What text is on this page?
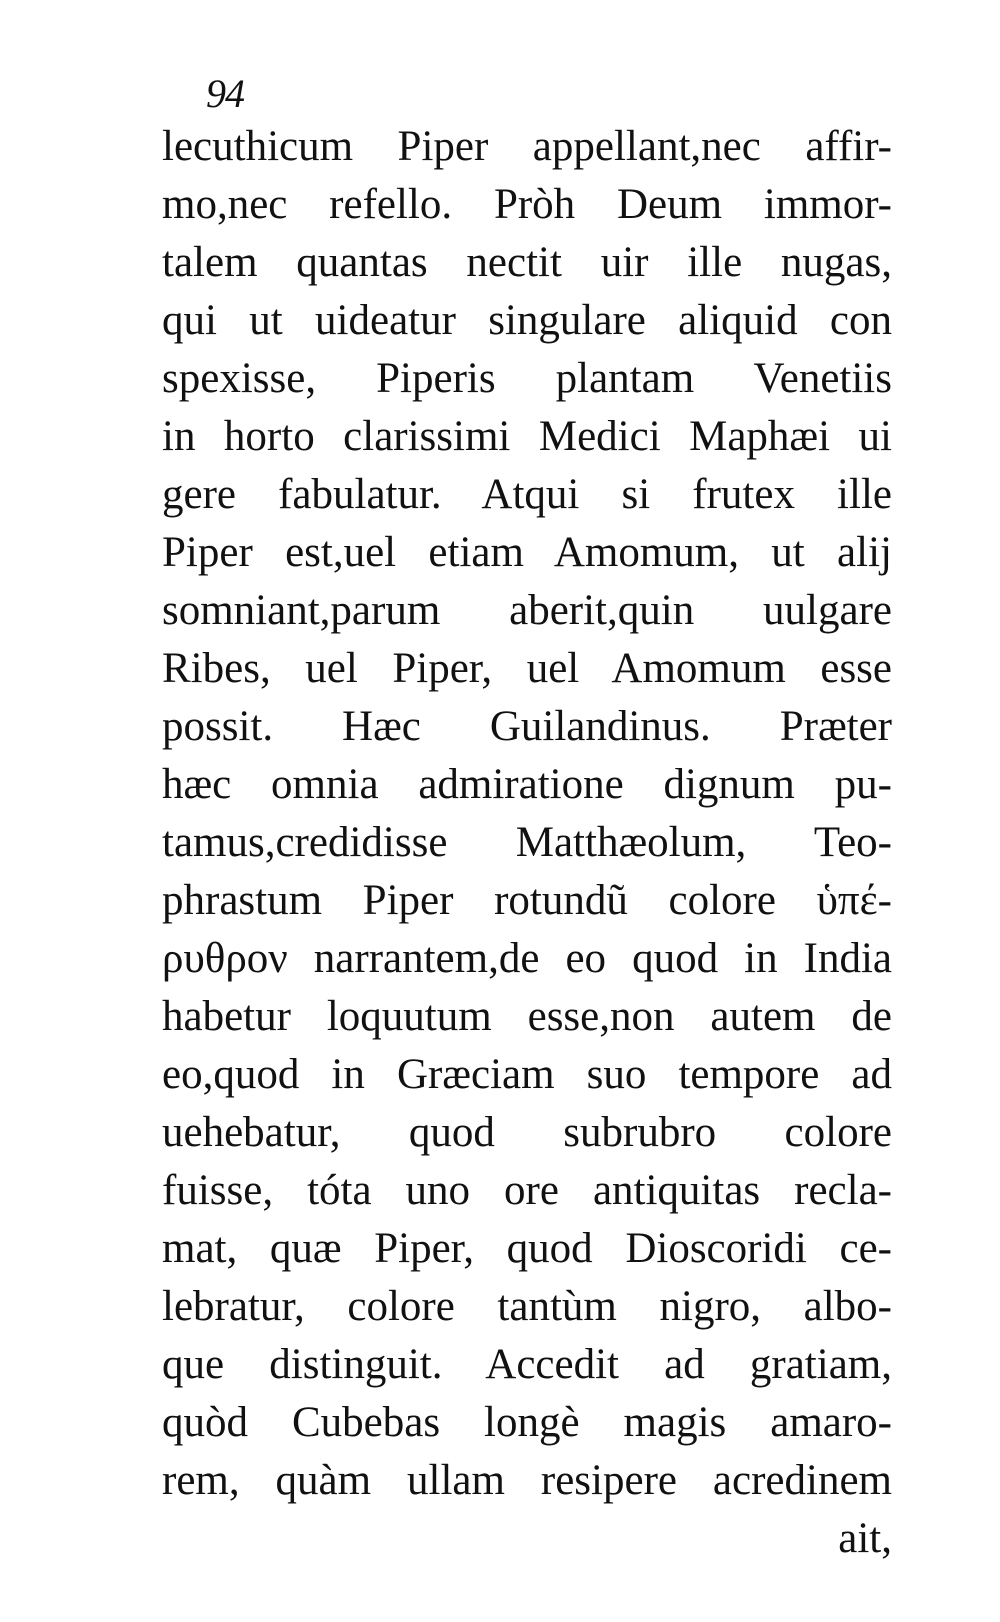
94
lecuthicum Piper appellant,nec affir-
mo,nec refello. Pròh Deum immor-
talem quantas nectit uir ille nugas,
qui ut uideatur singulare aliquid con
spexisse, Piperis plantam Venetiis
in horto clarissimi Medici Maphæi ui
gere fabulatur. Atqui si frutex ille
Piper est,uel etiam Amomum, ut alij
somniant,parum aberit,quin uulgare
Ribes, uel Piper, uel Amomum esse
possit. Hæc Guilandinus. Præter
hæc omnia admiratione dignum pu-
tamus,credidisse Matthæolum, Teo-
phrastum Piper rotundũ colore ὑπέ-
ρυθρον narrantem,de eo quod in India
habetur loquutum esse,non autem de
eo,quod in Græciam suo tempore ad
uehebatur, quod subrubro colore
fuisse, tóta uno ore antiquitas recla-
mat, quæ Piper, quod Dioscoridi ce-
lebratur, colore tantùm nigro, albo-
que distinguit. Accedit ad gratiam,
quòd Cubebas longè magis amaro-
rem, quàm ullam resipere acredinem
ait,
